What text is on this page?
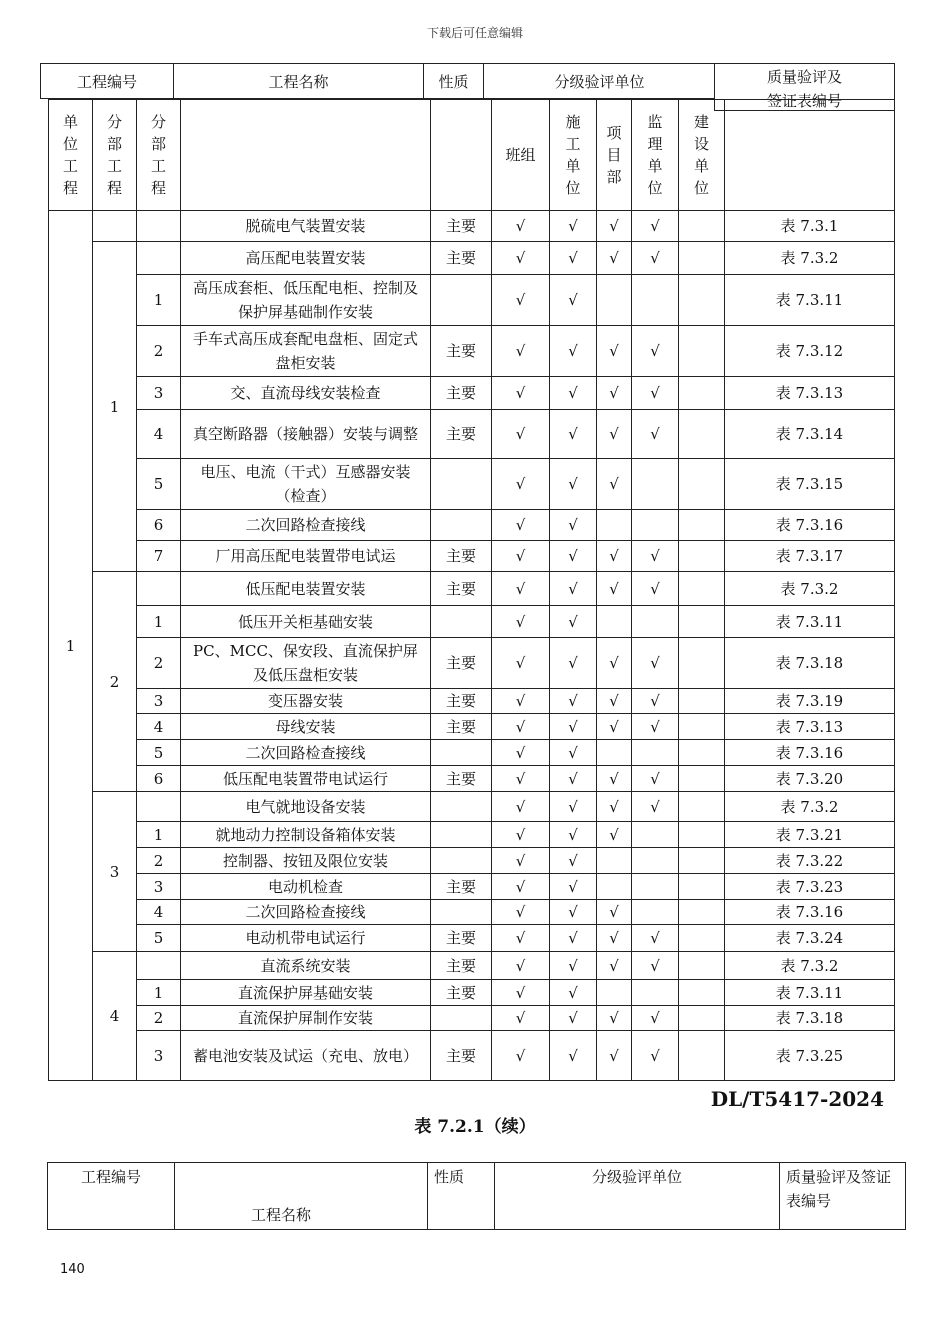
下载后可任意编辑
工程编号	工程名称	性质	分级验评单位	质量验评及
签证表编号
单
位
工
程	分
部
工
程	分
部
工
程			班组	施
工
单
位	项
目
部	监
理
单
位	建
设
单
位	
1			脱硫电气装置安装	主要	√	√	√	√		表 7.3.1
	1		高压配电装置安装	主要	√	√	√	√		表 7.3.2
		1	高压成套柜、低压配电柜、控制及保护屏基础制作安装		√	√				表 7.3.11
		2	手车式高压成套配电盘柜、固定式盘柜安装	主要	√	√	√	√		表 7.3.12
		3	交、直流母线安装检查	主要	√	√	√	√		表 7.3.13
		4	真空断路器（接触器）安装与调整	主要	√	√	√	√		表 7.3.14
		5	电压、电流（干式）互感器安装（检查）		√	√	√			表 7.3.15
		6	二次回路检查接线		√	√				表 7.3.16
		7	厂用高压配电装置带电试运	主要	√	√	√	√		表 7.3.17
	2		低压配电装置安装	主要	√	√	√	√		表 7.3.2
		1	低压开关柜基础安装		√	√				表 7.3.11
		2	PC、MCC、保安段、直流保护屏及低压盘柜安装	主要	√	√	√	√		表 7.3.18
		3	变压器安装	主要	√	√	√	√		表 7.3.19
		4	母线安装	主要	√	√	√	√		表 7.3.13
		5	二次回路检查接线		√	√				表 7.3.16
		6	低压配电装置带电试运行	主要	√	√	√	√		表 7.3.20
	3		电气就地设备安装		√	√	√	√		表 7.3.2
		1	就地动力控制设备箱体安装		√	√	√			表 7.3.21
		2	控制器、按钮及限位安装		√	√				表 7.3.22
		3	电动机检查	主要	√	√				表 7.3.23
		4	二次回路检查接线		√	√	√			表 7.3.16
		5	电动机带电试运行	主要	√	√	√	√		表 7.3.24
	4		直流系统安装	主要	√	√	√	√		表 7.3.2
		1	直流保护屏基础安装	主要	√	√				表 7.3.11
		2	直流保护屏制作安装		√	√	√	√		表 7.3.18
		3	蓄电池安装及试运（充电、放电）	主要	√	√	√	√		表 7.3.25
DL/T5417-2024
表 7.2.1（续）
工程编号	工程名称	性质	分级验评单位	质量验评及签证表编号
140
